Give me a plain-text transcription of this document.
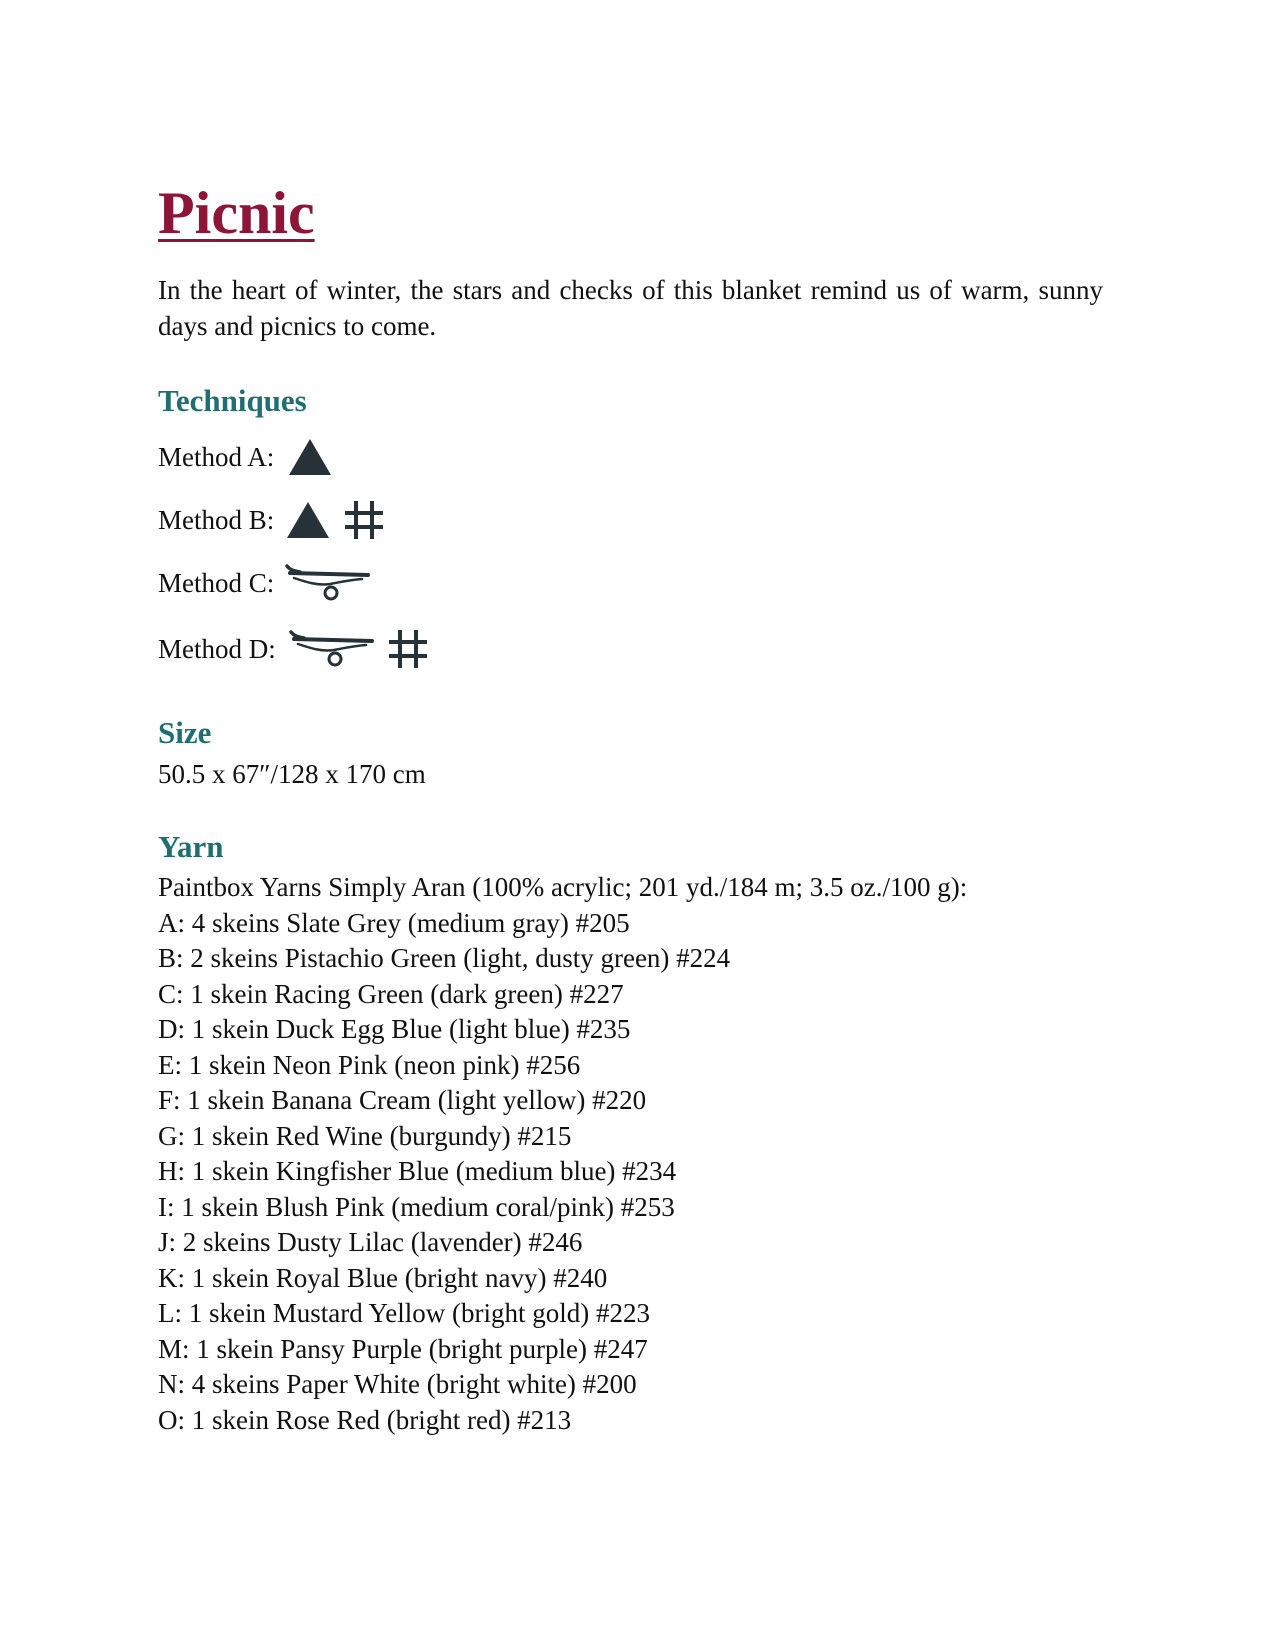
Picnic

In the heart of winter, the stars and checks of this blanket remind us of warm, sunny days and picnics to come.

Techniques
Method A:
Method B:
Method C:
Method D:
Size

50.5 x 67″/128 x 170 cm

Yarn
Paintbox Yarns Simply Aran (100% acrylic; 201 yd./184 m; 3.5 oz./100 g):
A: 4 skeins Slate Grey (medium gray) #205
B: 2 skeins Pistachio Green (light, dusty green) #224
C: 1 skein Racing Green (dark green) #227
D: 1 skein Duck Egg Blue (light blue) #235
E: 1 skein Neon Pink (neon pink) #256
F: 1 skein Banana Cream (light yellow) #220
G: 1 skein Red Wine (burgundy) #215
H: 1 skein Kingfisher Blue (medium blue) #234
I: 1 skein Blush Pink (medium coral/pink) #253
J: 2 skeins Dusty Lilac (lavender) #246
K: 1 skein Royal Blue (bright navy) #240
L: 1 skein Mustard Yellow (bright gold) #223
M: 1 skein Pansy Purple (bright purple) #247
N: 4 skeins Paper White (bright white) #200
O: 1 skein Rose Red (bright red) #213
